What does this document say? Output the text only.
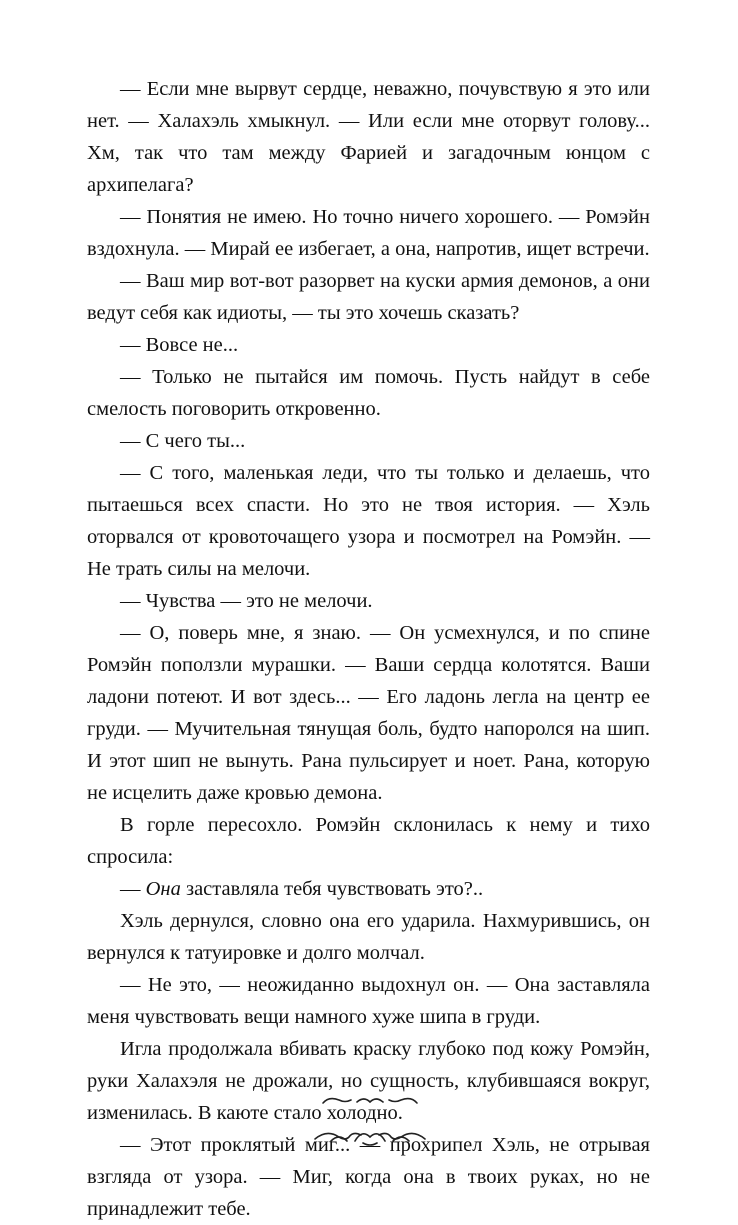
— Если мне вырвут сердце, неважно, почувствую я это или нет. — Халахэль хмыкнул. — Или если мне оторвут голову... Хм, так что там между Фарией и загадочным юнцом с архипелага?

— Понятия не имею. Но точно ничего хорошего. — Ромэйн вздохнула. — Мирай ее избегает, а она, напротив, ищет встречи.

— Ваш мир вот-вот разорвет на куски армия демонов, а они ведут себя как идиоты, — ты это хочешь сказать?

— Вовсе не...

— Только не пытайся им помочь. Пусть найдут в себе смелость поговорить откровенно.

— С чего ты...

— С того, маленькая леди, что ты только и делаешь, что пытаешься всех спасти. Но это не твоя история. — Хэль оторвался от кровоточащего узора и посмотрел на Ромэйн. — Не трать силы на мелочи.

— Чувства — это не мелочи.

— О, поверь мне, я знаю. — Он усмехнулся, и по спине Ромэйн поползли мурашки. — Ваши сердца колотятся. Ваши ладони потеют. И вот здесь... — Его ладонь легла на центр ее груди. — Мучительная тянущая боль, будто напоролся на шип. И этот шип не вынуть. Рана пульсирует и ноет. Рана, которую не исцелить даже кровью демона.

В горле пересохло. Ромэйн склонилась к нему и тихо спросила:

— Она заставляла тебя чувствовать это?..

Хэль дернулся, словно она его ударила. Нахмурившись, он вернулся к татуировке и долго молчал.

— Не это, — неожиданно выдохнул он. — Она заставляла меня чувствовать вещи намного хуже шипа в груди.

Игла продолжала вбивать краску глубоко под кожу Ромэйн, руки Халахэля не дрожали, но сущность, клубившаяся вокруг, изменилась. В каюте стало холодно.

— Этот проклятый миг... — прохрипел Хэль, не отрывая взгляда от узора. — Миг, когда она в твоих руках, но не принадлежит тебе.
